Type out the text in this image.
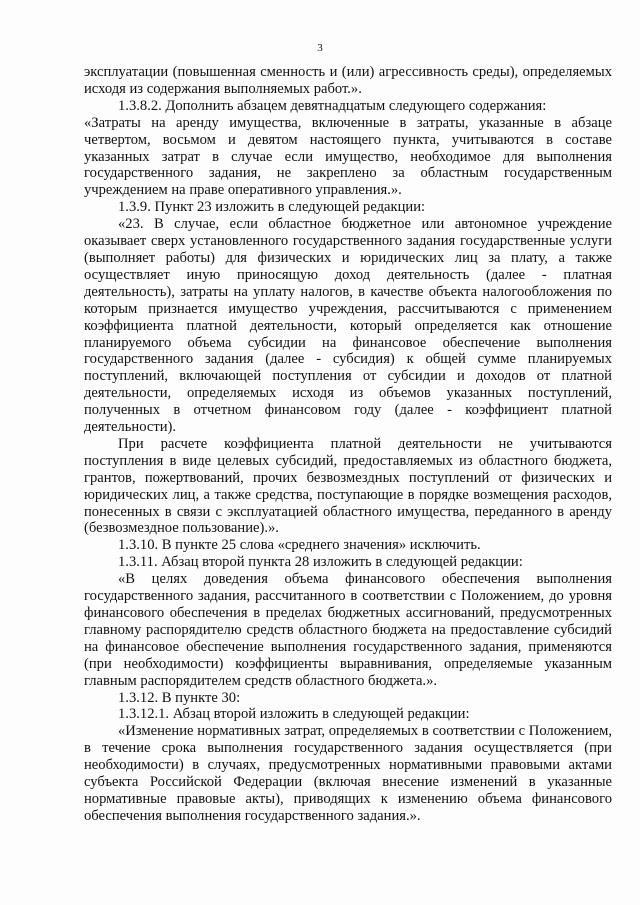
3

эксплуатации (повышенная сменность и (или) агрессивность среды), определяемых исходя из содержания выполняемых работ.».

1.3.8.2. Дополнить абзацем девятнадцатым следующего содержания:

«Затраты на аренду имущества, включенные в затраты, указанные в абзаце четвертом, восьмом и девятом настоящего пункта, учитываются в составе указанных затрат в случае если имущество, необходимое для выполнения государственного задания, не закреплено за областным государственным учреждением на праве оперативного управления.».

1.3.9. Пункт 23 изложить в следующей редакции:

«23. В случае, если областное бюджетное или автономное учреждение оказывает сверх установленного государственного задания государственные услуги (выполняет работы) для физических и юридических лиц за плату, а также осуществляет иную приносящую доход деятельность (далее - платная деятельность), затраты на уплату налогов, в качестве объекта налогообложения по которым признается имущество учреждения, рассчитываются с применением коэффициента платной деятельности, который определяется как отношение планируемого объема субсидии на финансовое обеспечение выполнения государственного задания (далее - субсидия) к общей сумме планируемых поступлений, включающей поступления от субсидии и доходов от платной деятельности, определяемых исходя из объемов указанных поступлений, полученных в отчетном финансовом году (далее - коэффициент платной деятельности).

При расчете коэффициента платной деятельности не учитываются поступления в виде целевых субсидий, предоставляемых из областного бюджета, грантов, пожертвований, прочих безвозмездных поступлений от физических и юридических лиц, а также средства, поступающие в порядке возмещения расходов, понесенных в связи с эксплуатацией областного имущества, переданного в аренду (безвозмездное пользование).».

1.3.10. В пункте 25 слова «среднего значения» исключить.

1.3.11. Абзац второй пункта 28 изложить в следующей редакции:

«В целях доведения объема финансового обеспечения выполнения государственного задания, рассчитанного в соответствии с Положением, до уровня финансового обеспечения в пределах бюджетных ассигнований, предусмотренных главному распорядителю средств областного бюджета на предоставление субсидий на финансовое обеспечение выполнения государственного задания, применяются (при необходимости) коэффициенты выравнивания, определяемые указанным главным распорядителем средств областного бюджета.».

1.3.12. В пункте 30:

1.3.12.1. Абзац второй изложить в следующей редакции:

«Изменение нормативных затрат, определяемых в соответствии с Положением, в течение срока выполнения государственного задания осуществляется (при необходимости) в случаях, предусмотренных нормативными правовыми актами субъекта Российской Федерации (включая внесение изменений в указанные нормативные правовые акты), приводящих к изменению объема финансового обеспечения выполнения государственного задания.».
